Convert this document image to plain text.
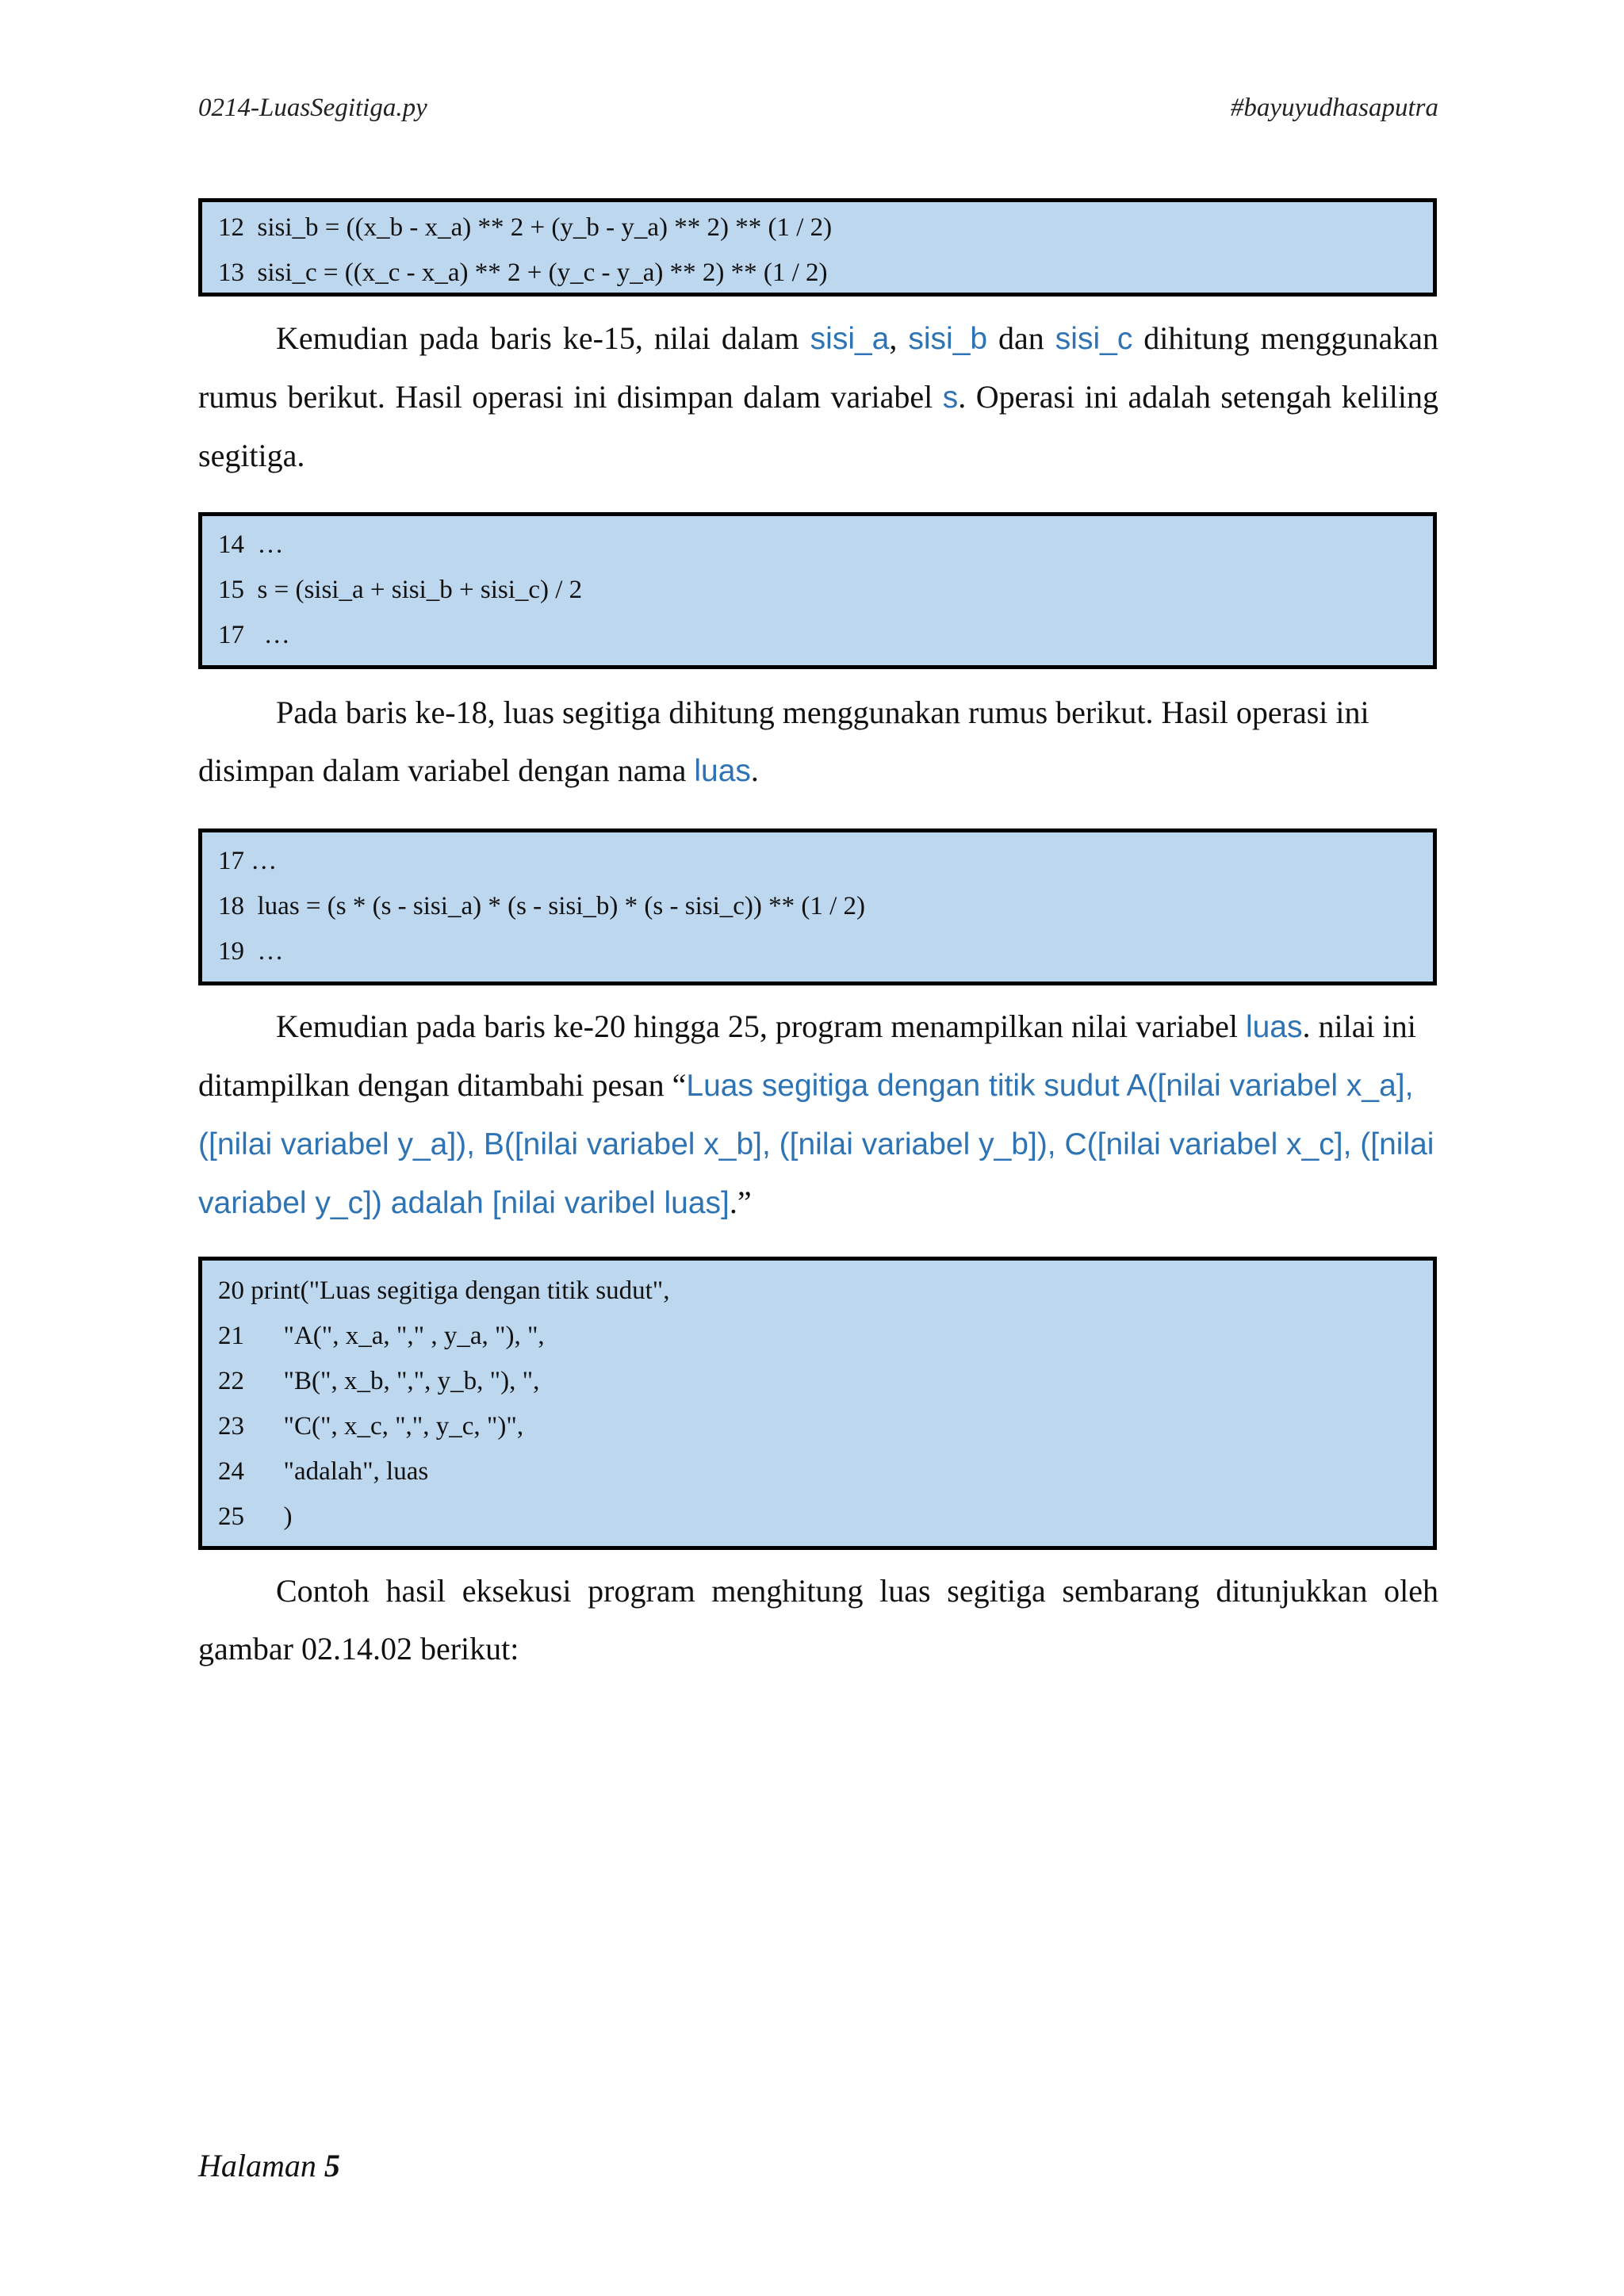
0214-LuasSegitiga.py	#bayuyudhasaputra
12 sisi_b = ((x_b - x_a) ** 2 + (y_b - y_a) ** 2) ** (1 / 2)
13 sisi_c = ((x_c - x_a) ** 2 + (y_c - y_a) ** 2) ** (1 / 2)

Kemudian pada baris ke-15, nilai dalam sisi_a, sisi_b dan sisi_c dihitung menggunakan rumus berikut. Hasil operasi ini disimpan dalam variabel s. Operasi ini adalah setengah keliling segitiga.

14 …
15 s = (sisi_a + sisi_b + sisi_c) / 2
17   …

Pada baris ke-18, luas segitiga dihitung menggunakan rumus berikut. Hasil operasi ini disimpan dalam variabel dengan nama luas.

17 …
18 luas = (s * (s - sisi_a) * (s - sisi_b) * (s - sisi_c)) ** (1 / 2)
19 …

Kemudian pada baris ke-20 hingga 25, program menampilkan nilai variabel luas. nilai ini ditampilkan dengan ditambahi pesan “Luas segitiga dengan titik sudut A([nilai variabel x_a], ([nilai variabel y_a]), B([nilai variabel x_b], ([nilai variabel y_b]), C([nilai variabel x_c], ([nilai variabel y_c]) adalah [nilai varibel luas].”

20 print("Luas segitiga dengan titik sudut",
21      "A(", x_a, "," , y_a, "), ",
22      "B(", x_b, ",", y_b, "), ",
23      "C(", x_c, ",", y_c, ")",
24      "adalah", luas
25      )

Contoh hasil eksekusi program menghitung luas segitiga sembarang ditunjukkan oleh gambar 02.14.02 berikut:

Halaman 5
